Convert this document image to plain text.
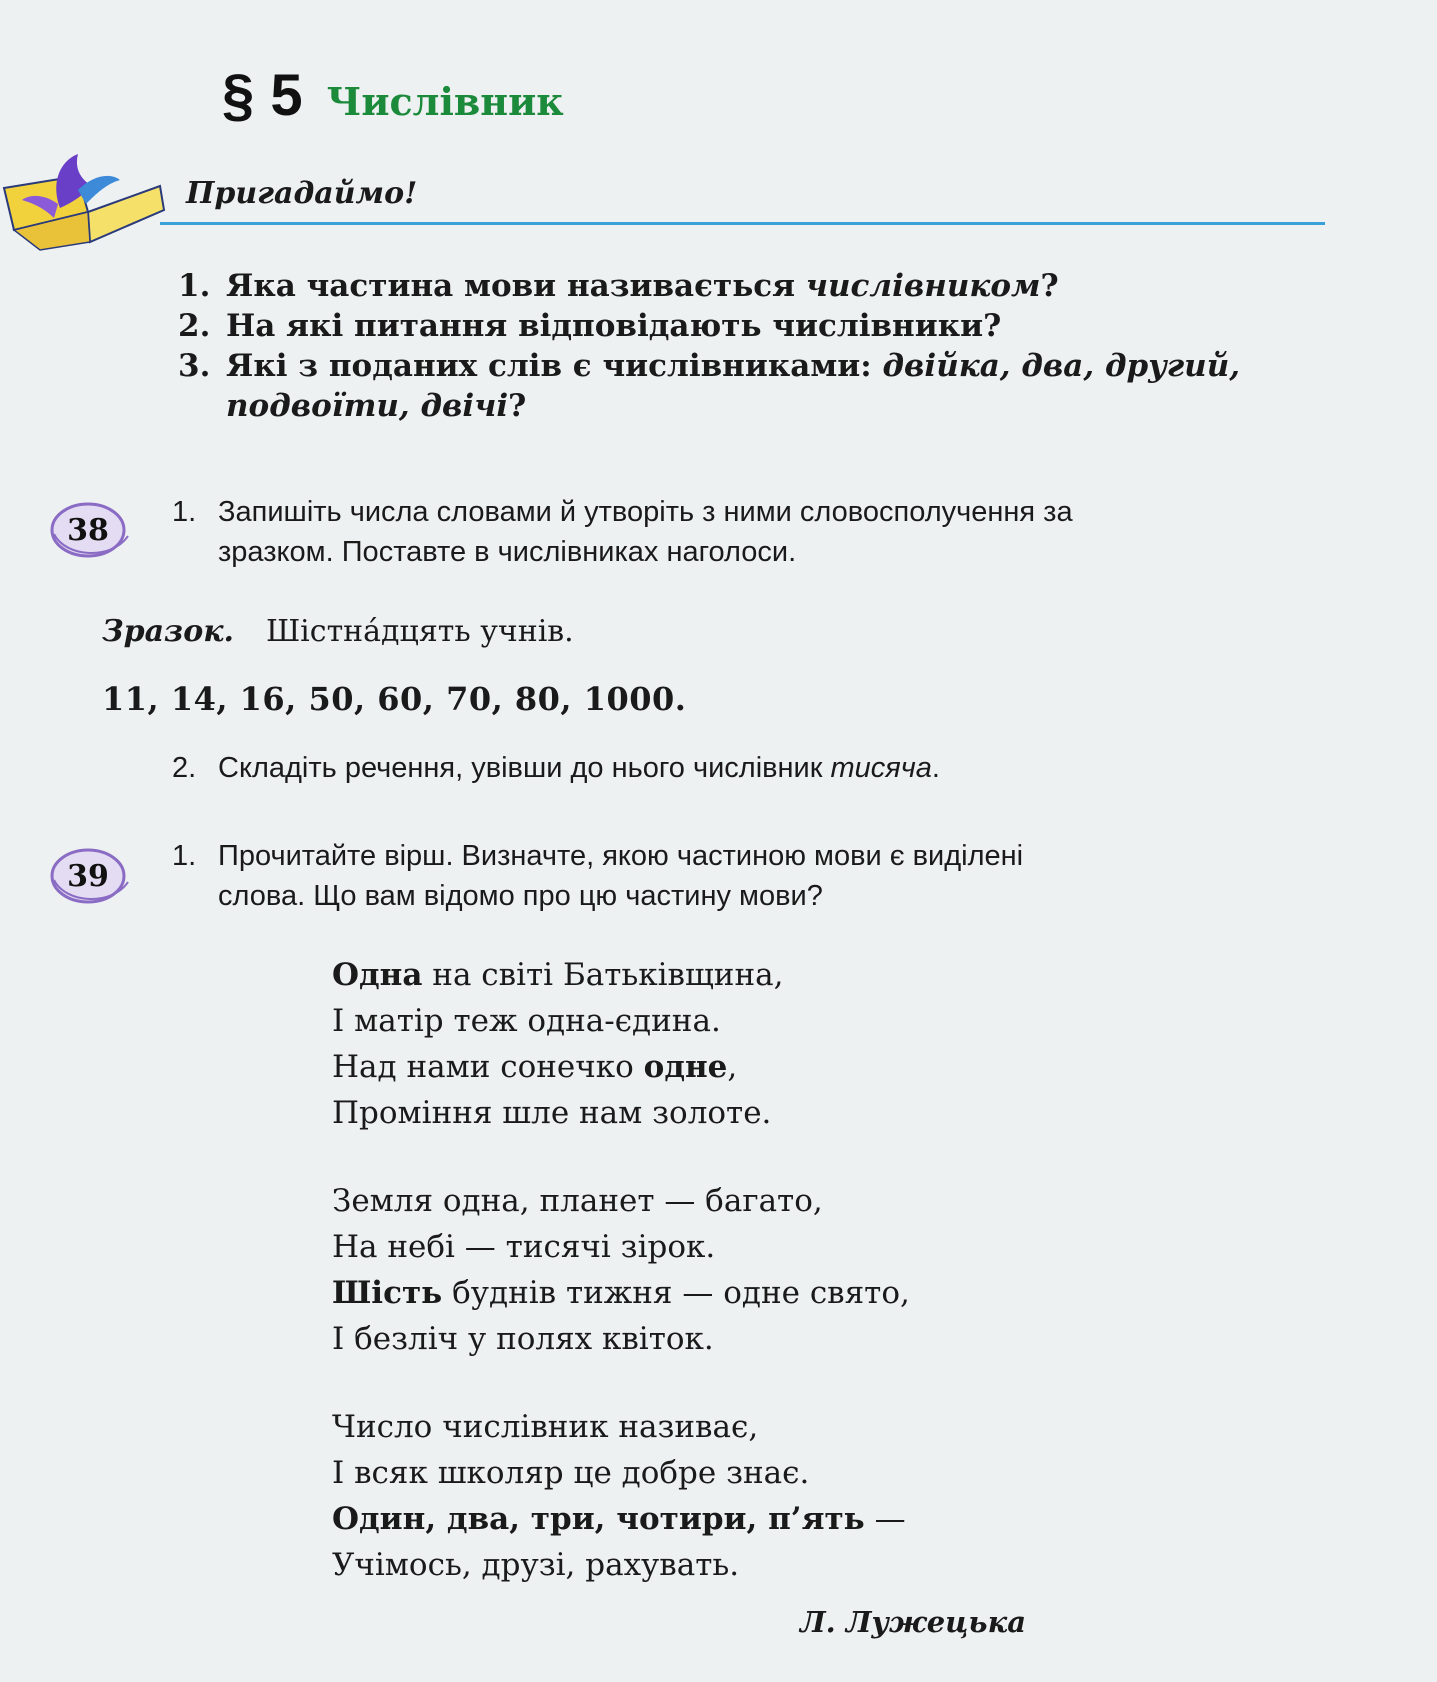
§ 5 Числівник
Пригадаймо!
1. Яка частина мови називається числівником?
2. На які питання відповідають числівники?
3. Які з поданих слів є числівниками: двійка, два, другий,
подвоїти, двічі?
38
1. Запишіть числа словами й утворіть з ними словосполучення за
зразком. Поставте в числівниках наголоси.
Зразок. Шістна́дцять учнів.
11, 14, 16, 50, 60, 70, 80, 1000.
2. Складіть речення, увівши до нього числівник тисяча.
39
1. Прочитайте вірш. Визначте, якою частиною мови є виділені
слова. Що вам відомо про цю частину мови?
Одна на світі Батьківщина,
І матір теж одна-єдина.
Над нами сонечко одне,
Проміння шле нам золоте.
Земля одна, планет — багато,
На небі — тисячі зірок.
Шість буднів тижня — одне свято,
І безліч у полях квіток.
Число числівник називає,
І всяк школяр це добре знає.
Один, два, три, чотири, п’ять —
Учімось, друзі, рахувать.
Л. Лужецька
